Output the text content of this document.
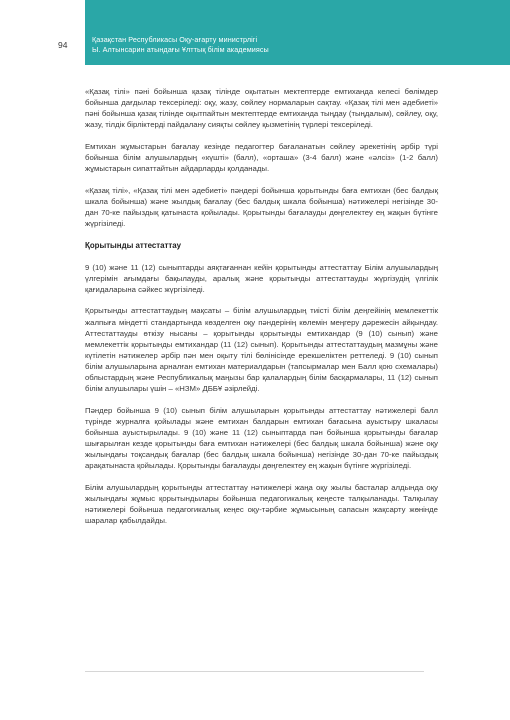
94
Қазақстан Республикасы Оқу-ағарту министрлігі
Ы. Алтынсарин атындағы Ұлттық білім академиясы

«Қазақ тілі» пәні бойынша қазақ тілінде оқытатын мектептерде емтиханда келесі бөлімдер бойынша дағдылар тексеріледі: оқу, жазу, сөйлеу нормаларын сақтау. «Қазақ тілі мен әдебиеті» пәні бойынша қазақ тілінде оқытпайтын мектептерде емтиханда тыңдау (тыңдалым), сөйлеу, оқу, жазу, тілдік бірліктерді пайдалану сияқты сөйлеу қызметінің түрлері тексеріледі.

Емтихан жұмыстарын бағалау кезінде педагогтер бағаланатын сөйлеу әрекетінің әрбір түрі бойынша білім алушылардың «күшті» (балл), «орташа» (3-4 балл) және «әлсіз» (1-2 балл) жұмыстарын сипаттайтын айдарларды қолданады.

«Қазақ тілі», «Қазақ тілі мен әдебиеті» пәндері бойынша қорытынды баға емтихан (бес балдық шкала бойынша) және жылдық бағалау (бес балдық шкала бойынша) нәтижелері негізінде 30-дан 70-ке пайыздық қатынаста қойылады. Қорытынды бағалауды дөңгелектеу ең жақын бүтінге жүргізіледі.

Қорытынды аттестаттау

9 (10) және 11 (12) сыныптарды аяқтағаннан кейін қорытынды аттестаттау Білім алушылардың үлгерімін ағымдағы бақылауды, аралық және қорытынды аттестаттауды жүргізудің үлгілік қағидаларына сәйкес жүргізіледі.

Қорытынды аттестаттаудың мақсаты – білім алушылардың тиісті білім деңгейінің мемлекеттік жалпыға міндетті стандартында көзделген оқу пәндерінің көлемін меңгеру дәрежесін айқындау. Аттестаттауды өткізу нысаны – қорытынды қорытынды емтихандар (9 (10) сынып) және мемлекеттік қорытынды емтихандар (11 (12) сынып). Қорытынды аттестаттаудың мазмұны және күтілетін нәтижелер әрбір пән мен оқыту тілі бөлінісінде ерекшеліктен реттеледі. 9 (10) сынып білім алушыларына арналған емтихан материалдарын (тапсырмалар мен Балл қою схемалары) облыстардың және Республикалық маңызы бар қалалардың білім басқармалары, 11 (12) сынып білім алушылары үшін – «НЗМ» ДББҰ әзірлейді.

Пәндер бойынша 9 (10) сынып білім алушыларын қорытынды аттестаттау нәтижелері балл түрінде журналға қойылады және емтихан балдарын емтихан бағасына ауыстыру шкаласы бойынша ауыстырылады. 9 (10) және 11 (12) сыныптарда пән бойынша қорытынды бағалар шығарылған кезде қорытынды баға емтихан нәтижелері (бес балдық шкала бойынша) және оқу жылындағы тоқсандық бағалар (бес балдық шкала бойынша) негізінде 30-дан 70-ке пайыздық арақатынаста қойылады. Қорытынды бағалауды дөңгелектеу ең жақын бүтінге жүргізіледі.

Білім алушылардың қорытынды аттестаттау нәтижелері жаңа оқу жылы басталар алдында оқу жылындағы жұмыс қорытындылары бойынша педагогикалық кеңесте талқыланады. Талқылау нәтижелері бойынша педагогикалық кеңес оқу-тәрбие жұмысының сапасын жақсарту жөнінде шаралар қабылдайды.
